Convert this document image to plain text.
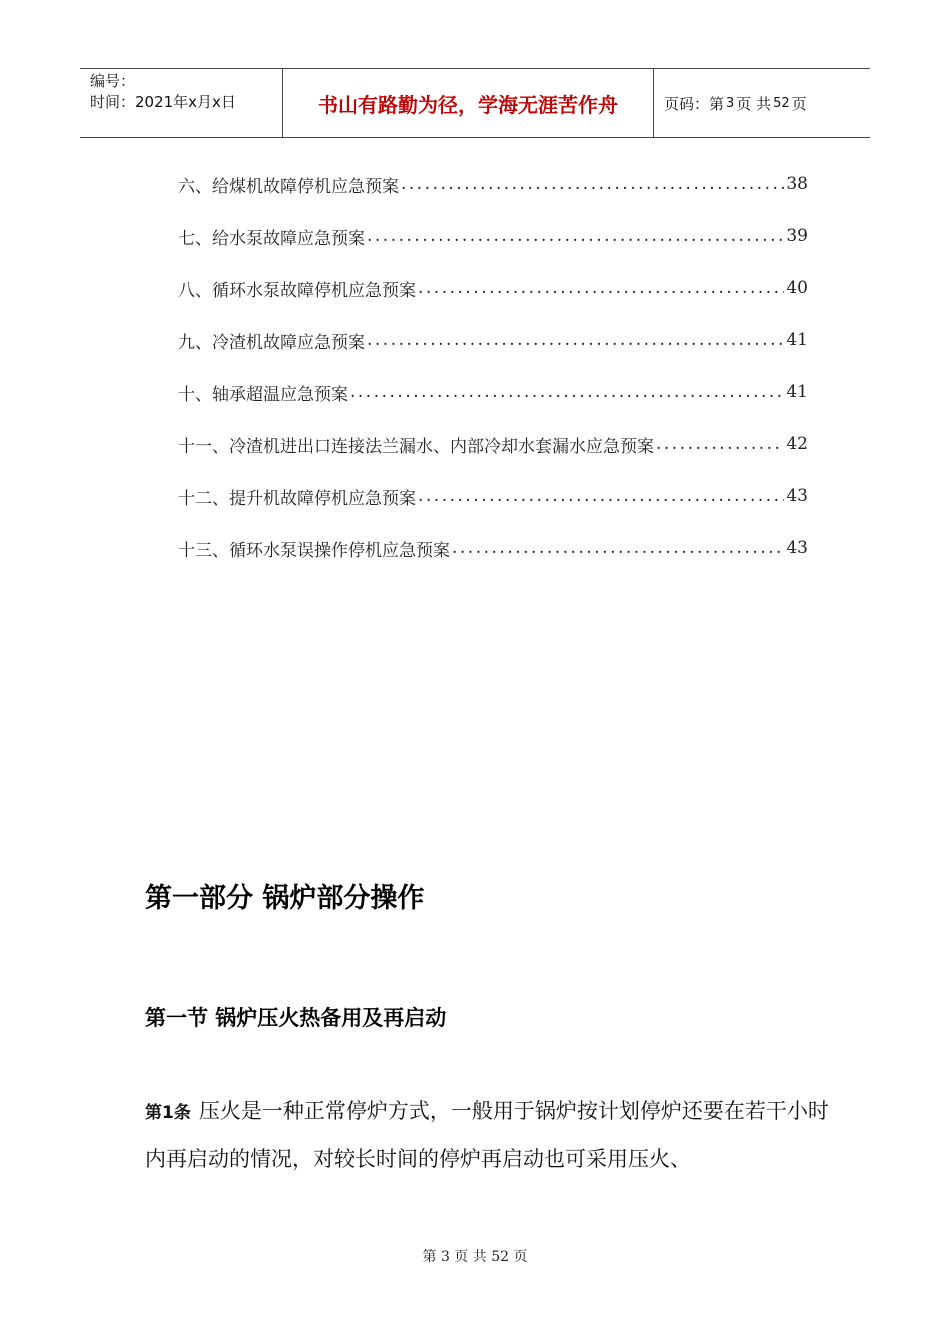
编号：
时间：2021年x月x日	书山有路勤为径，学海无涯苦作舟	页码：第 3 页 共 52 页
六、给煤机故障停机应急预案 .....	38
七、给水泵故障应急预案 .....	39
八、循环水泵故障停机应急预案 .....	40
九、冷渣机故障应急预案 .....	41
十、轴承超温应急预案 .....	41
十一、冷渣机进出口连接法兰漏水、内部冷却水套漏水应急预案 .....	42
十二、提升机故障停机应急预案 .....	43
十三、循环水泵误操作停机应急预案 .....	43
第一部分 锅炉部分操作
第一节 锅炉压火热备用及再启动
第1条 压火是一种正常停炉方式，一般用于锅炉按计划停炉还要在若干小时内再启动的情况，对较长时间的停炉再启动也可采用压火、
第 3 页 共 52 页
